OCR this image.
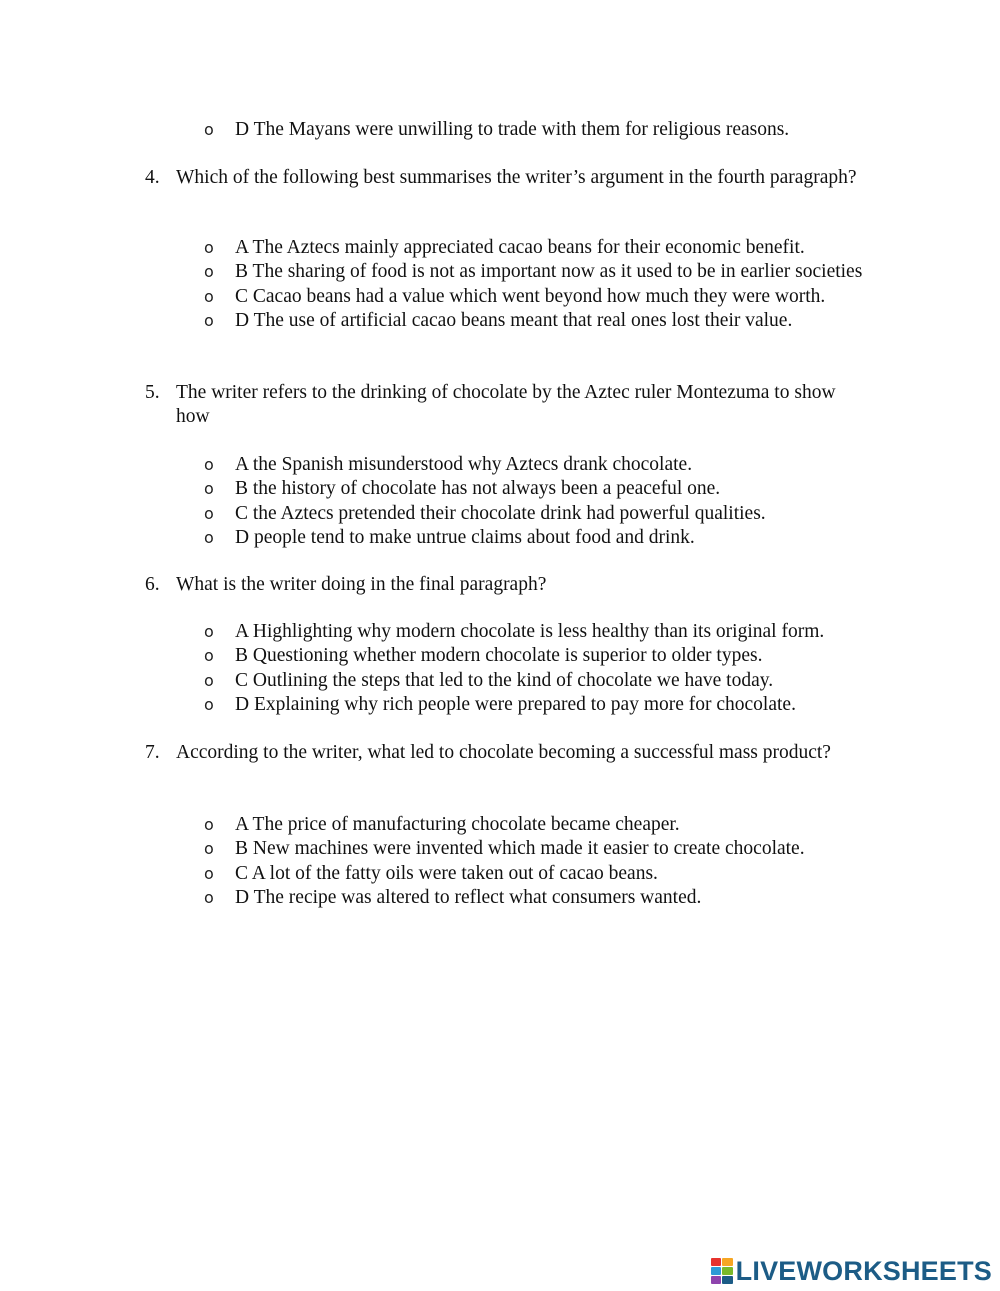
o	D The Mayans were unwilling to trade with them for religious reasons.
4. Which of the following best summarises the writer’s argument in the fourth paragraph?
o	A The Aztecs mainly appreciated cacao beans for their economic benefit.
o	B The sharing of food is not as important now as it used to be in earlier societies
o	C Cacao beans had a value which went beyond how much they were worth.
o	D The use of artificial cacao beans meant that real ones lost their value.
5. The writer refers to the drinking of chocolate by the Aztec ruler Montezuma to show how
o	A the Spanish misunderstood why Aztecs drank chocolate.
o	B the history of chocolate has not always been a peaceful one.
o	C the Aztecs pretended their chocolate drink had powerful qualities.
o	D people tend to make untrue claims about food and drink.
6. What is the writer doing in the final paragraph?
o	A Highlighting why modern chocolate is less healthy than its original form.
o	B Questioning whether modern chocolate is superior to older types.
o	C Outlining the steps that led to the kind of chocolate we have today.
o	D Explaining why rich people were prepared to pay more for chocolate.
7. According to the writer, what led to chocolate becoming a successful mass product?
o	A The price of manufacturing chocolate became cheaper.
o	B New machines were invented which made it easier to create chocolate.
o	C A lot of the fatty oils were taken out of cacao beans.
o	D The recipe was altered to reflect what consumers wanted.
LIVEWORKSHEETS
